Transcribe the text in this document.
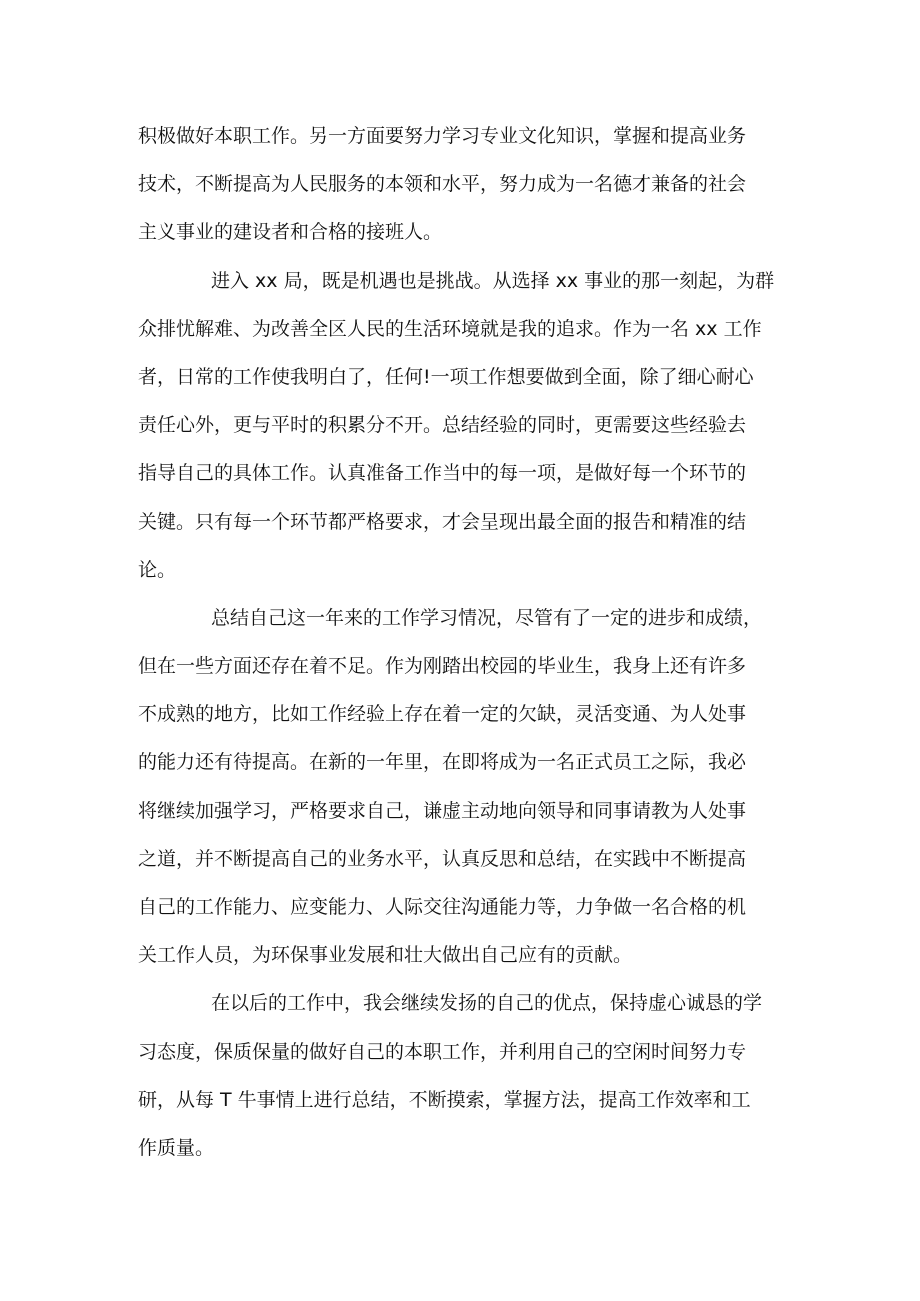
积极做好本职工作。另一方面要努力学习专业文化知识，掌握和提高业务
技术，不断提高为人民服务的本领和水平，努力成为一名德才兼备的社会
主义事业的建设者和合格的接班人。
进入 xx 局，既是机遇也是挑战。从选择 xx 事业的那一刻起，为群
众排忧解难、为改善全区人民的生活环境就是我的追求。作为一名 xx 工作
者，日常的工作使我明白了，任何!一项工作想要做到全面，除了细心耐心
责任心外，更与平时的积累分不开。总结经验的同时，更需要这些经验去
指导自己的具体工作。认真准备工作当中的每一项，是做好每一个环节的
关键。只有每一个环节都严格要求，才会呈现出最全面的报告和精准的结
论。
总结自己这一年来的工作学习情况，尽管有了一定的进步和成绩，
但在一些方面还存在着不足。作为刚踏出校园的毕业生，我身上还有许多
不成熟的地方，比如工作经验上存在着一定的欠缺，灵活变通、为人处事
的能力还有待提高。在新的一年里，在即将成为一名正式员工之际，我必
将继续加强学习，严格要求自己，谦虚主动地向领导和同事请教为人处事
之道，并不断提高自己的业务水平，认真反思和总结，在实践中不断提高
自己的工作能力、应变能力、人际交往沟通能力等，力争做一名合格的机
关工作人员，为环保事业发展和壮大做出自己应有的贡献。
在以后的工作中，我会继续发扬的自己的优点，保持虚心诚恳的学
习态度，保质保量的做好自己的本职工作，并利用自己的空闲时间努力专
研，从每 T 牛事情上进行总结，不断摸索，掌握方法，提高工作效率和工
作质量。
